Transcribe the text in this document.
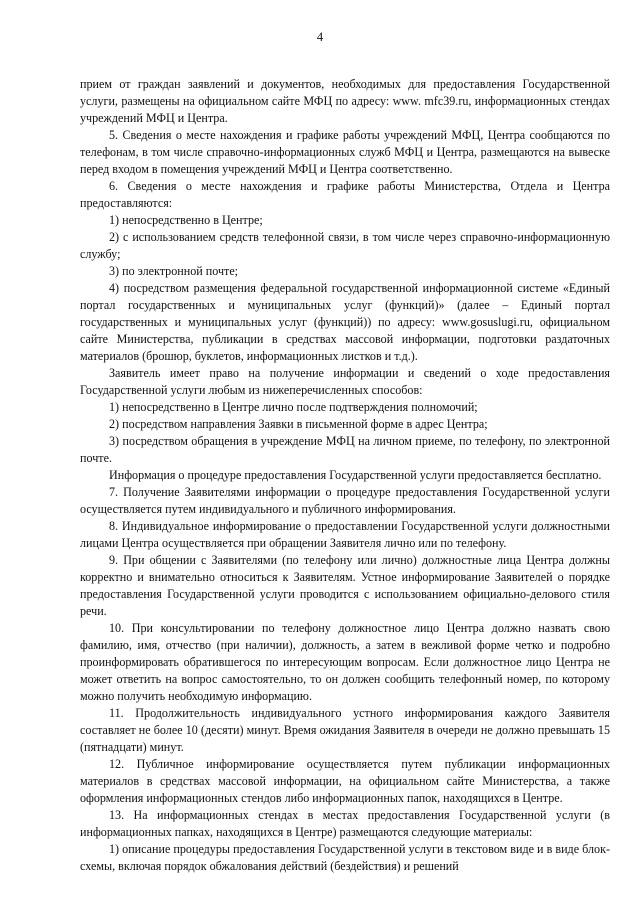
4

прием от граждан заявлений и документов, необходимых для предоставления Государственной услуги, размещены на официальном сайте МФЦ по адресу: www. mfc39.ru, информационных стендах учреждений МФЦ и Центра.

5. Сведения о месте нахождения и графике работы учреждений МФЦ, Центра сообщаются по телефонам, в том числе справочно-информационных служб МФЦ и Центра, размещаются на вывеске перед входом в помещения учреждений МФЦ и Центра соответственно.

6. Сведения о месте нахождения и графике работы Министерства, Отдела и Центра предоставляются:

1) непосредственно в Центре;

2) с использованием средств телефонной связи, в том числе через справочно-информационную службу;

3) по электронной почте;

4) посредством размещения федеральной государственной информационной системе «Единый портал государственных и муниципальных услуг (функций)» (далее – Единый портал государственных и муниципальных услуг (функций)) по адресу: www.gosuslugi.ru, официальном сайте Министерства, публикации в средствах массовой информации, подготовки раздаточных материалов (брошюр, буклетов, информационных листков и т.д.).

Заявитель имеет право на получение информации и сведений о ходе предоставления Государственной услуги любым из нижеперечисленных способов:

1) непосредственно в Центре лично после подтверждения полномочий;

2) посредством направления Заявки в письменной форме в адрес Центра;

3) посредством обращения в учреждение МФЦ на личном приеме, по телефону, по электронной почте.

Информация о процедуре предоставления Государственной услуги предоставляется бесплатно.

7. Получение Заявителями информации о процедуре предоставления Государственной услуги осуществляется путем индивидуального и публичного информирования.

8. Индивидуальное информирование о предоставлении Государственной услуги должностными лицами Центра осуществляется при обращении Заявителя лично или по телефону.

9. При общении с Заявителями (по телефону или лично) должностные лица Центра должны корректно и внимательно относиться к Заявителям. Устное информирование Заявителей о порядке предоставления Государственной услуги проводится с использованием официально-делового стиля речи.

10. При консультировании по телефону должностное лицо Центра должно назвать свою фамилию, имя, отчество (при наличии), должность, а затем в вежливой форме четко и подробно проинформировать обратившегося по интересующим вопросам. Если должностное лицо Центра не может ответить на вопрос самостоятельно, то он должен сообщить телефонный номер, по которому можно получить необходимую информацию.

11. Продолжительность индивидуального устного информирования каждого Заявителя составляет не более 10 (десяти) минут. Время ожидания Заявителя в очереди не должно превышать 15 (пятнадцати) минут.

12. Публичное информирование осуществляется путем публикации информационных материалов в средствах массовой информации, на официальном сайте Министерства, а также оформления информационных стендов либо информационных папок, находящихся в Центре.

13. На информационных стендах в местах предоставления Государственной услуги (в информационных папках, находящихся в Центре) размещаются следующие материалы:

1) описание процедуры предоставления Государственной услуги в текстовом виде и в виде блок-схемы, включая порядок обжалования действий (бездействия) и решений
